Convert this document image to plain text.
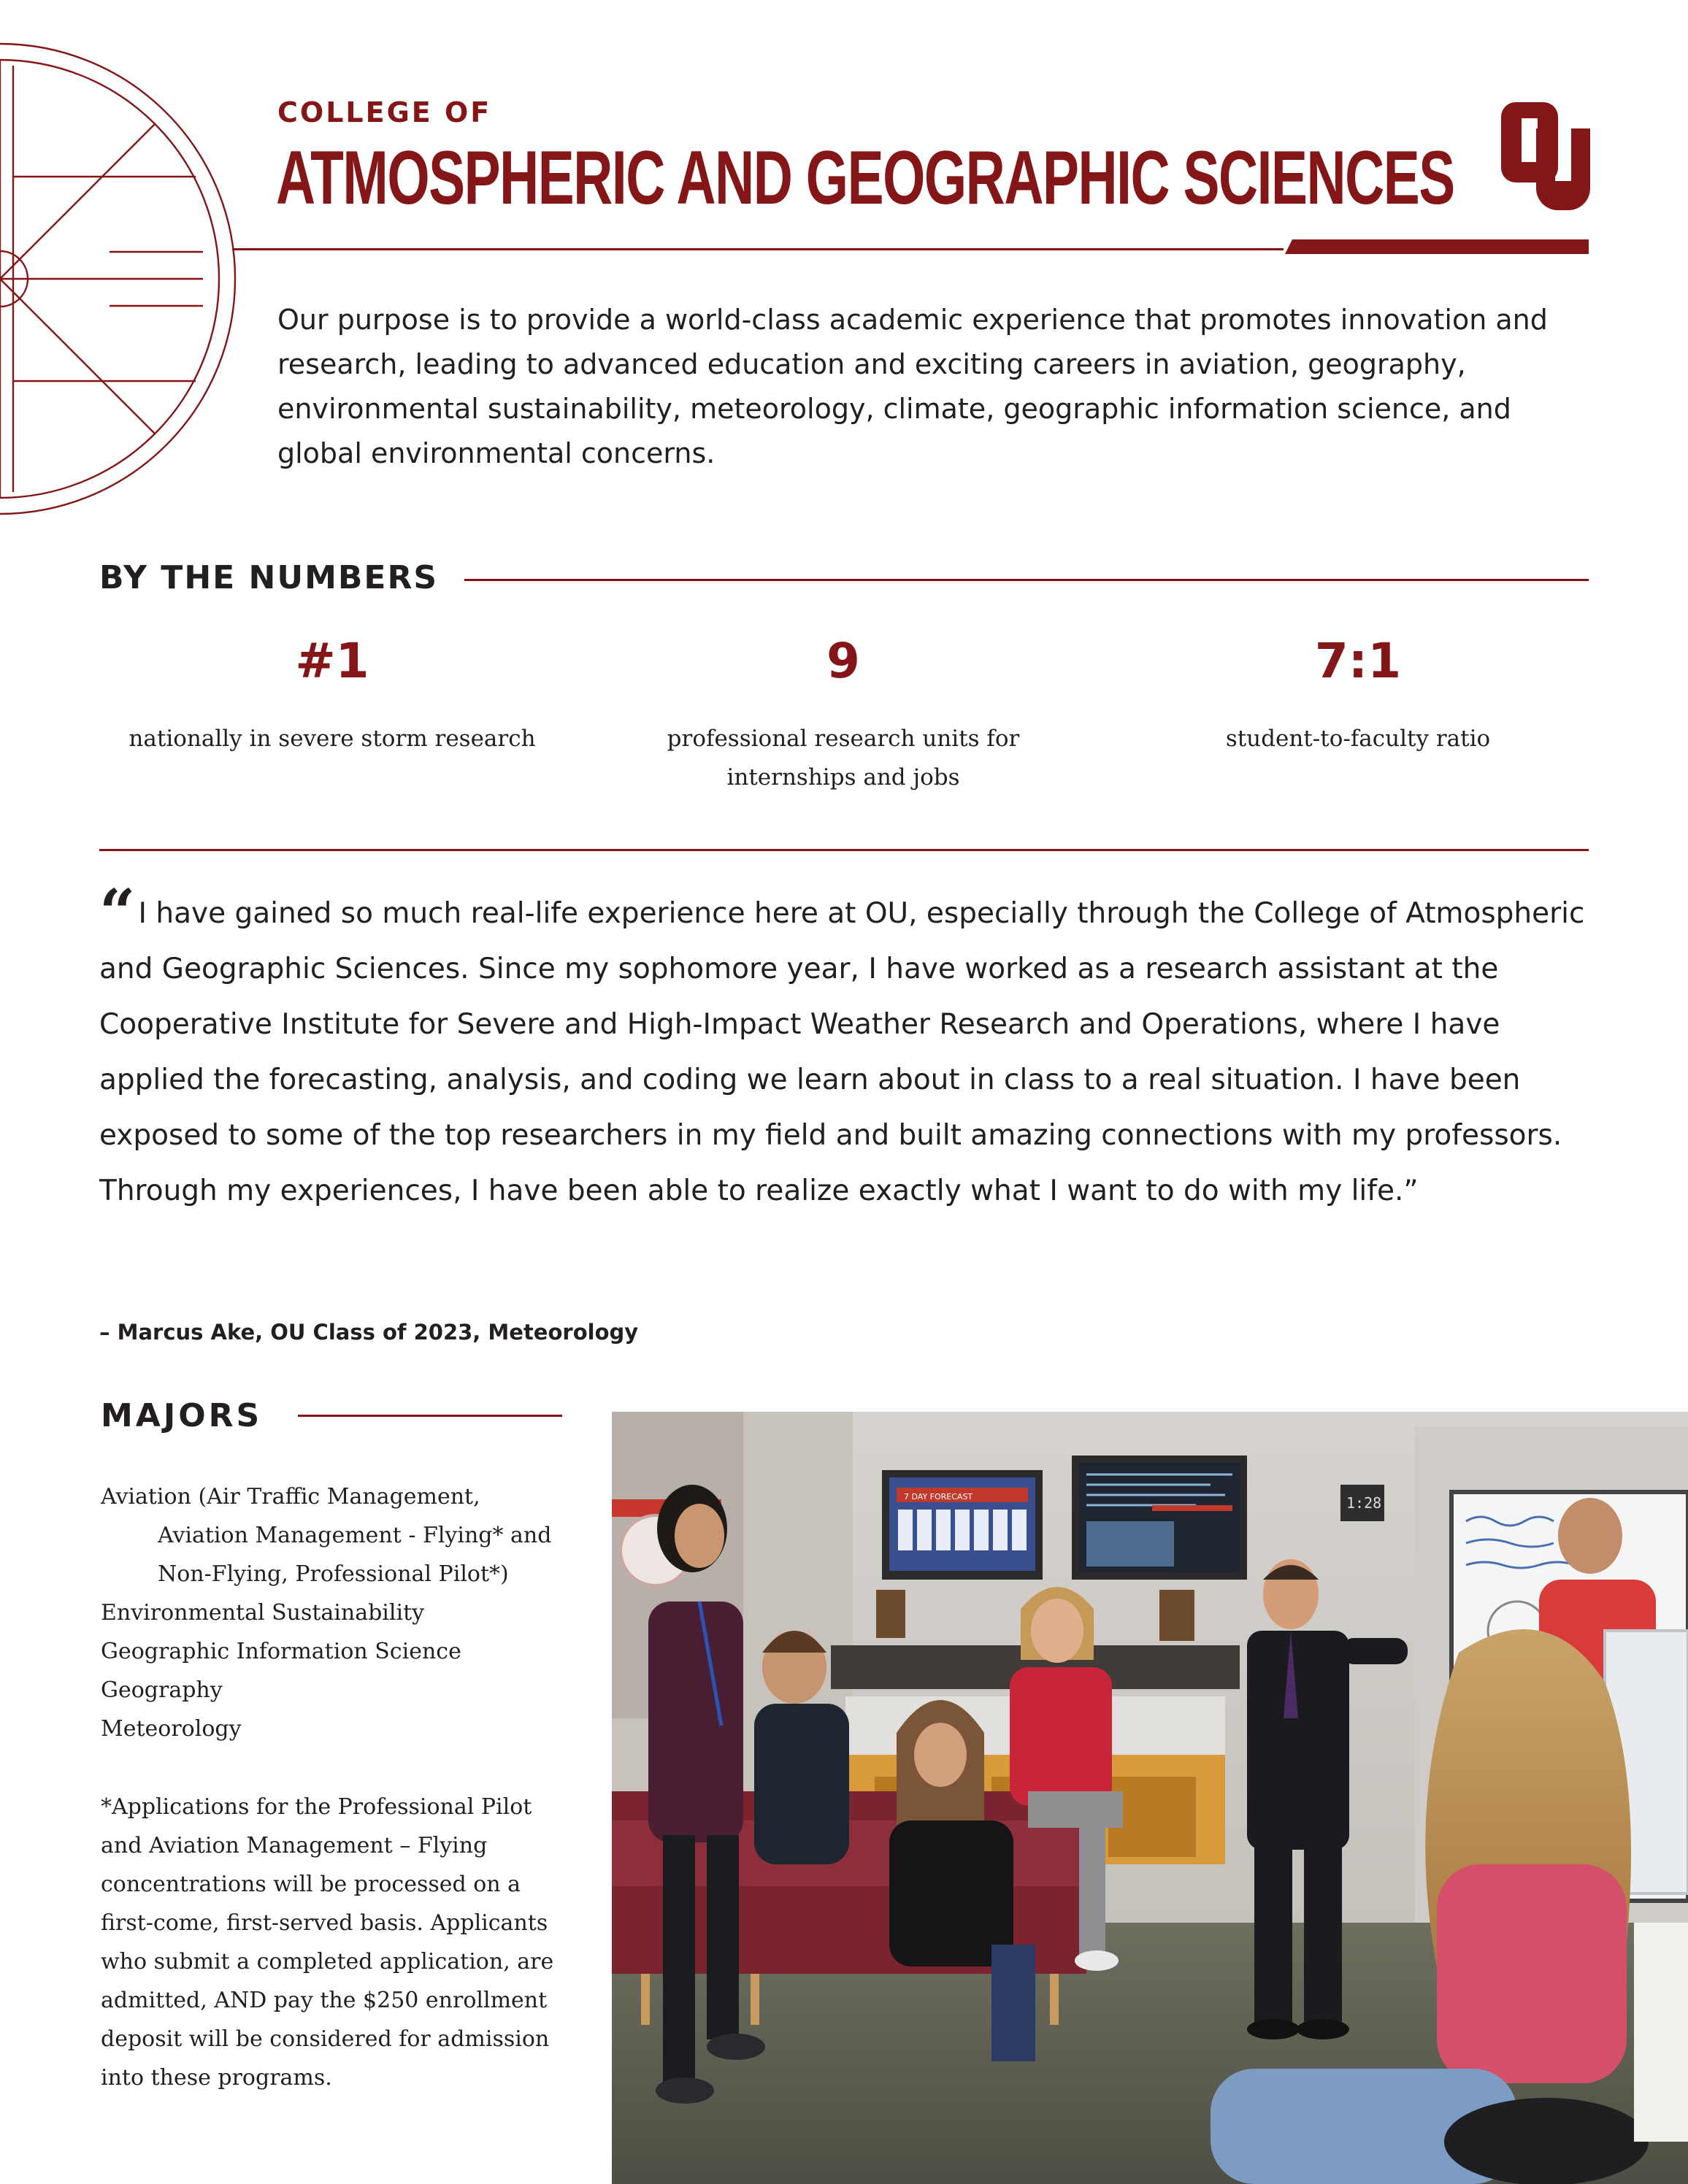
COLLEGE OF
ATMOSPHERIC AND GEOGRAPHIC SCIENCES

Our purpose is to provide a world-class academic experience that promotes innovation and research, leading to advanced education and exciting careers in aviation, geography, environmental sustainability, meteorology, climate, geographic information science, and global environmental concerns.

BY THE NUMBERS
#1
nationally in severe storm research
9
professional research units for internships and jobs
7:1
student-to-faculty ratio

“ I have gained so much real-life experience here at OU, especially through the College of Atmospheric and Geographic Sciences. Since my sophomore year, I have worked as a research assistant at the Cooperative Institute for Severe and High-Impact Weather Research and Operations, where I have applied the forecasting, analysis, and coding we learn about in class to a real situation. I have been exposed to some of the top researchers in my field and built amazing connections with my professors. Through my experiences, I have been able to realize exactly what I want to do with my life.”

– Marcus Ake, OU Class of 2023, Meteorology
MAJORS
Aviation (Air Traffic Management, Aviation Management - Flying* and Non-Flying, Professional Pilot*)
Environmental Sustainability
Geographic Information Science
Geography
Meteorology

*Applications for the Professional Pilot and Aviation Management – Flying concentrations will be processed on a first-come, first-served basis. Applicants who submit a completed application, are admitted, AND pay the $250 enrollment deposit will be considered for admission into these programs.

7 DAY FORECAST	1:28
